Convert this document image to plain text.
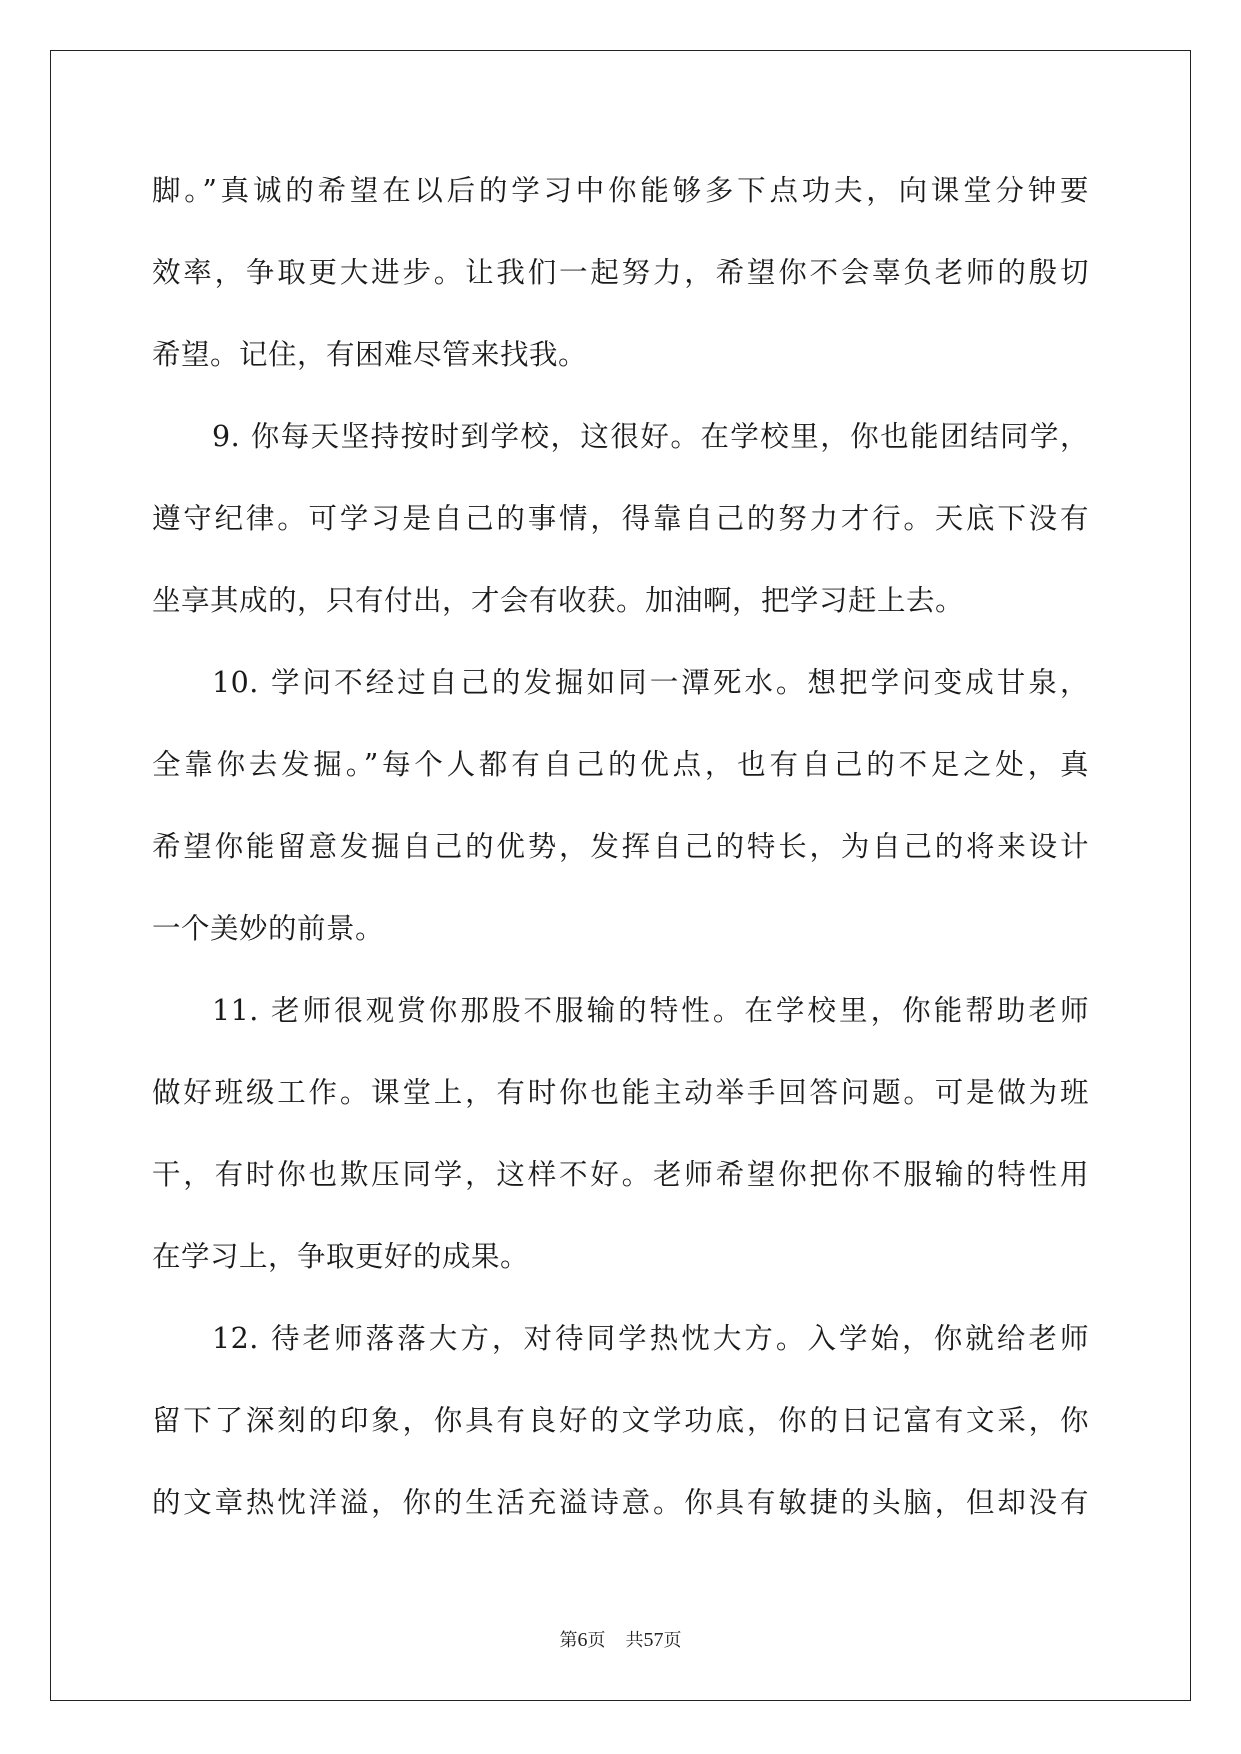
脚。”真诚的希望在以后的学习中你能够多下点功夫，向课堂分钟要
效率，争取更大进步。让我们一起努力，希望你不会辜负老师的殷切
希望。记住，有困难尽管来找我。
9. 你每天坚持按时到学校，这很好。在学校里，你也能团结同学，
遵守纪律。可学习是自己的事情，得靠自己的努力才行。天底下没有
坐享其成的，只有付出，才会有收获。加油啊，把学习赶上去。
10. 学问不经过自己的发掘如同一潭死水。想把学问变成甘泉，
全靠你去发掘。”每个人都有自己的优点，也有自己的不足之处，真
希望你能留意发掘自己的优势，发挥自己的特长，为自己的将来设计
一个美妙的前景。
11. 老师很观赏你那股不服输的特性。在学校里，你能帮助老师
做好班级工作。课堂上，有时你也能主动举手回答问题。可是做为班
干，有时你也欺压同学，这样不好。老师希望你把你不服输的特性用
在学习上，争取更好的成果。
12. 待老师落落大方，对待同学热忱大方。入学始，你就给老师
留下了深刻的印象，你具有良好的文学功底，你的日记富有文采，你
的文章热忱洋溢，你的生活充溢诗意。你具有敏捷的头脑，但却没有
第6页 共57页
